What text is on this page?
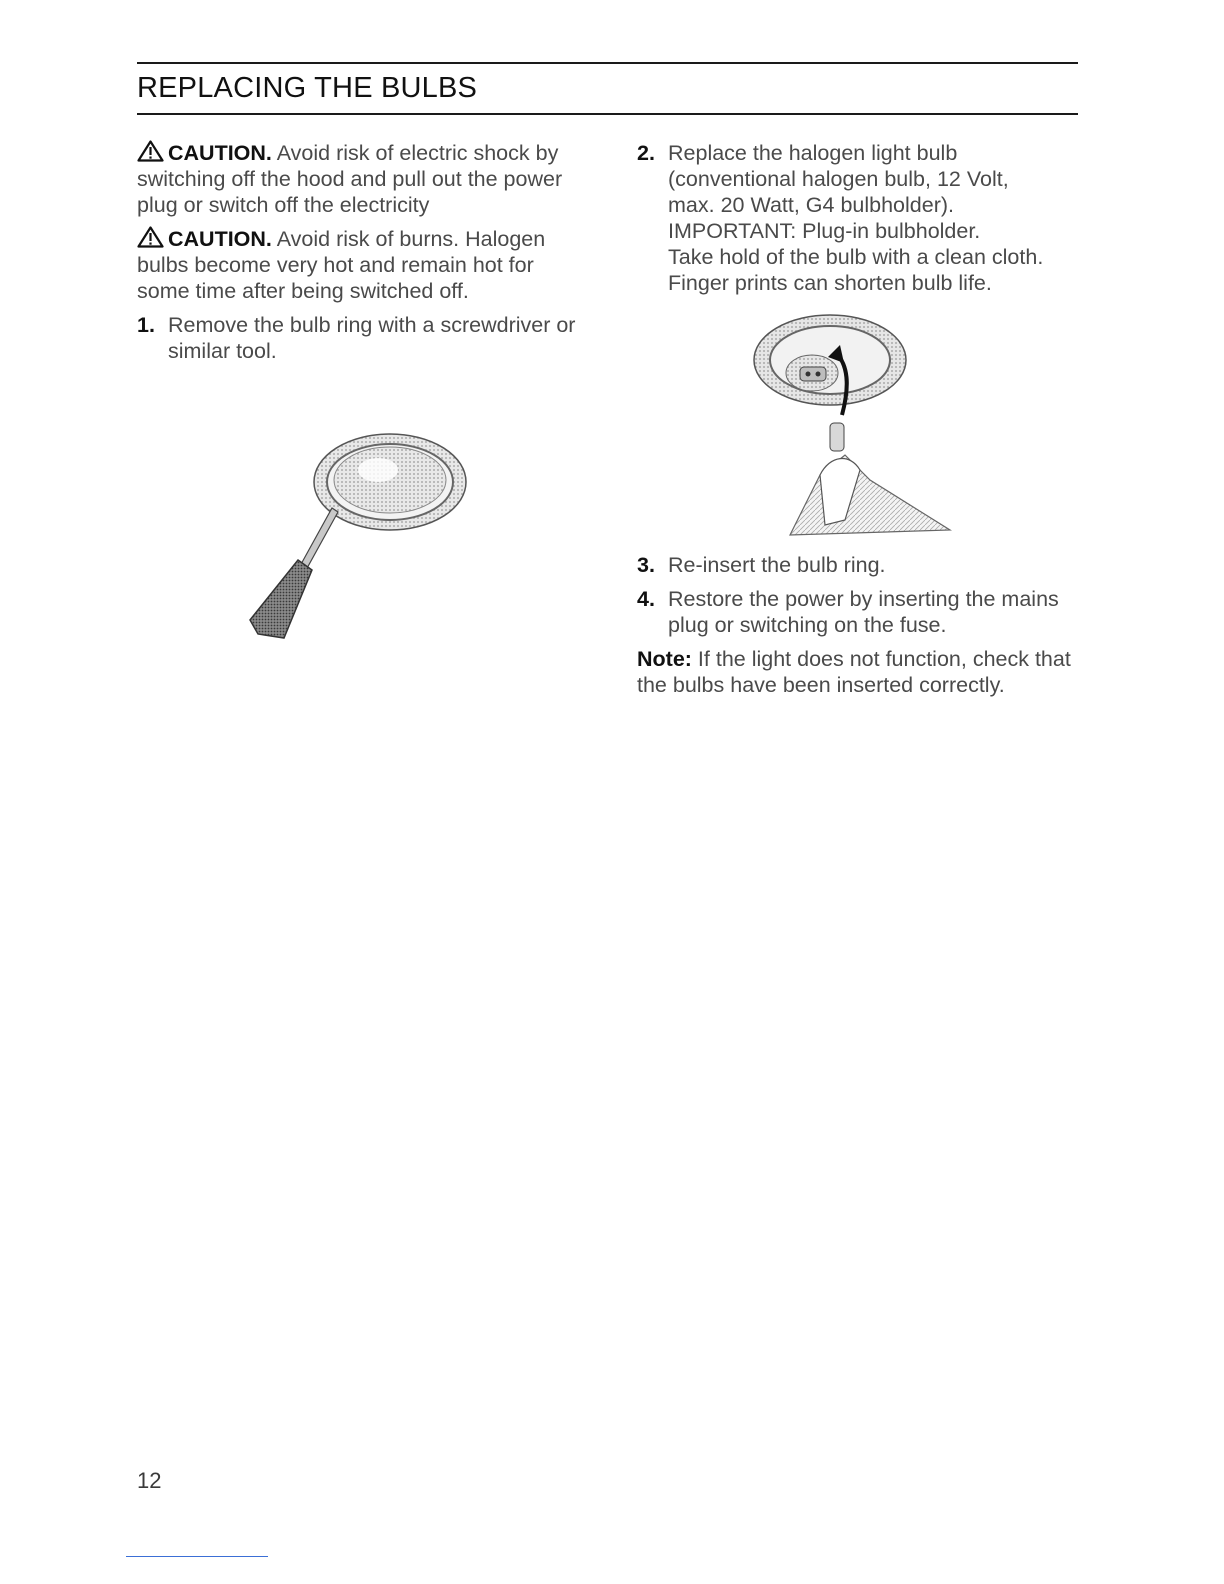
REPLACING THE BULBS

CAUTION. Avoid risk of electric shock by switching off the hood and pull out the power plug or switch off the electricity

CAUTION. Avoid risk of burns. Halogen bulbs become very hot and remain hot for some time after being switched off.

1. Remove the bulb ring with a screwdriver or similar tool.
2. Replace the halogen light bulb
(conventional halogen bulb, 12 Volt,
max. 20 Watt, G4 bulbholder).
IMPORTANT: Plug-in bulbholder.
Take hold of the bulb with a clean cloth.
Finger prints can shorten bulb life.
3. Re-insert the bulb ring.
4. Restore the power by inserting the mains plug or switching on the fuse.

Note: If the light does not function, check that the bulbs have been inserted correctly.

12
